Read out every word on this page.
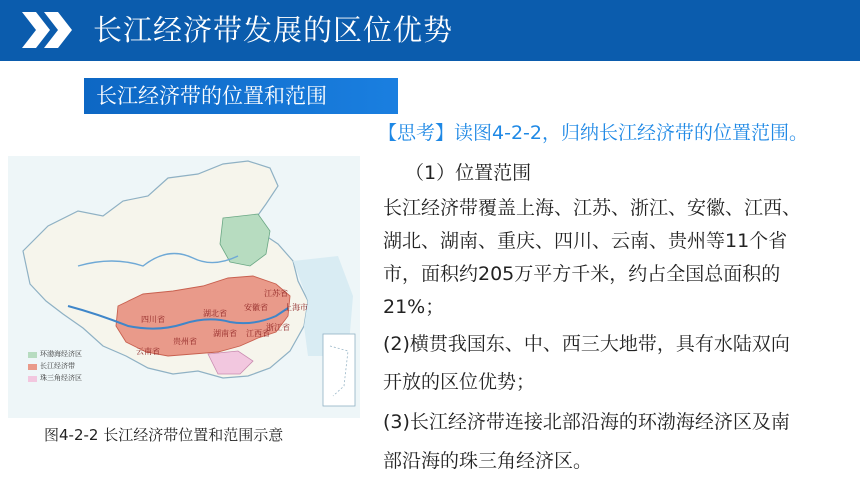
长江经济带发展的区位优势
长江经济带的位置和范围
【思考】读图4-2-2，归纳长江经济带的位置范围。
（1）位置范围
长江经济带覆盖上海、江苏、浙江、安徽、江西、
湖北、湖南、重庆、四川、云南、贵州等11个省
市，面积约205万平方千米，约占全国总面积的
21%；
(2)横贯我国东、中、西三大地带，具有水陆双向
开放的区位优势；
(3)长江经济带连接北部沿海的环渤海经济区及南
部沿海的珠三角经济区。
环渤海经济区
长江经济带
珠三角经济区
四川省
湖北省
贵州省
湖南省
云南省
江西省
江苏省
浙江省
安徽省 上海市
图4-2-2 长江经济带位置和范围示意
